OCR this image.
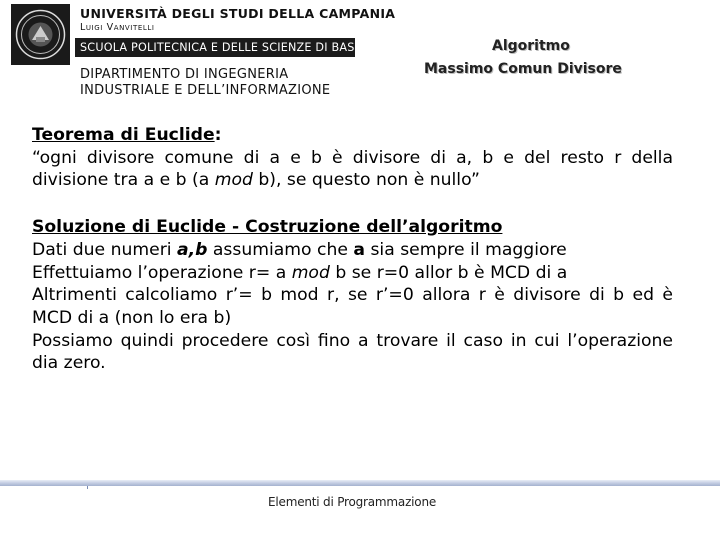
UNIVERSITÀ DEGLI STUDI DELLA CAMPANIA
Luigi Vanvitelli
SCUOLA POLITECNICA E DELLE SCIENZE DI BASE
DIPARTIMENTO DI INGEGNERIA
INDUSTRIALE E DELL’INFORMAZIONE
Algoritmo
Massimo Comun Divisore

Teorema di Euclide:

“ogni divisore comune di a e b è divisore di a, b e del resto r della divisione tra a e b (a mod b), se questo non è nullo”

Soluzione di Euclide - Costruzione dell’algoritmo

Dati due numeri a,b assumiamo che a sia sempre il maggiore

Effettuiamo l’operazione r= a mod b se r=0 allor b è MCD di a

Altrimenti calcoliamo r’= b mod r, se r’=0 allora r è divisore di b ed è MCD di a (non lo era b)

Possiamo quindi procedere così fino a trovare il caso in cui l’operazione dia zero.

Elementi di Programmazione
